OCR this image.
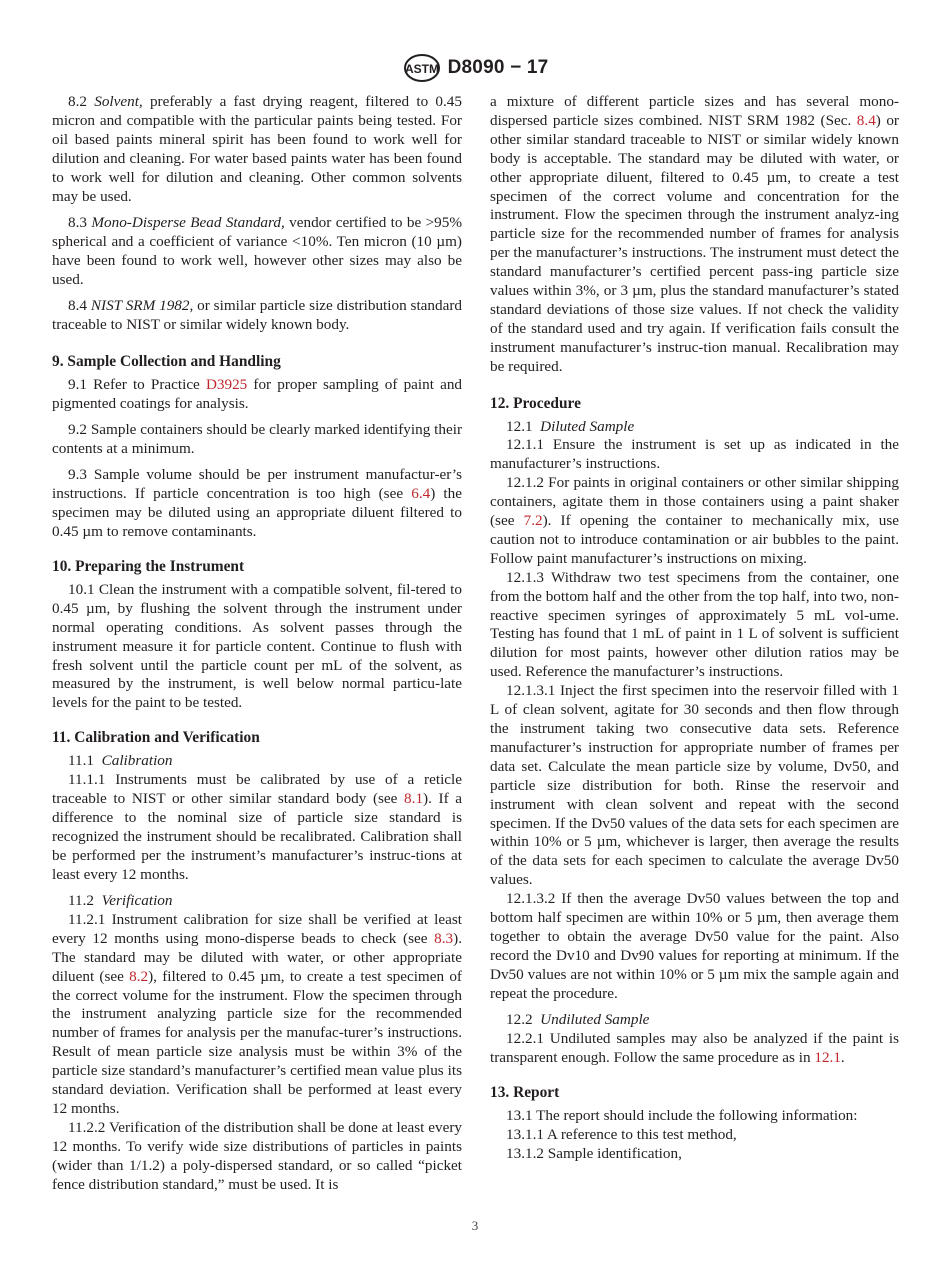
ASTM D8090 − 17

8.2 Solvent, preferably a fast drying reagent, filtered to 0.45 micron and compatible with the particular paints being tested. For oil based paints mineral spirit has been found to work well for dilution and cleaning. For water based paints water has been found to work well for dilution and cleaning. Other common solvents may be used.

8.3 Mono-Disperse Bead Standard, vendor certified to be >95% spherical and a coefficient of variance <10%. Ten micron (10 µm) have been found to work well, however other sizes may also be used.

8.4 NIST SRM 1982, or similar particle size distribution standard traceable to NIST or similar widely known body.

9. Sample Collection and Handling

9.1 Refer to Practice D3925 for proper sampling of paint and pigmented coatings for analysis.

9.2 Sample containers should be clearly marked identifying their contents at a minimum.

9.3 Sample volume should be per instrument manufactur-er’s instructions. If particle concentration is too high (see 6.4) the specimen may be diluted using an appropriate diluent filtered to 0.45 µm to remove contaminants.

10. Preparing the Instrument

10.1 Clean the instrument with a compatible solvent, fil-tered to 0.45 µm, by flushing the solvent through the instrument under normal operating conditions. As solvent passes through the instrument measure it for particle content. Continue to flush with fresh solvent until the particle count per mL of the solvent, as measured by the instrument, is well below normal particu-late levels for the paint to be tested.

11. Calibration and Verification

11.1  Calibration

11.1.1 Instruments must be calibrated by use of a reticle traceable to NIST or other similar standard body (see 8.1). If a difference to the nominal size of particle size standard is recognized the instrument should be recalibrated. Calibration shall be performed per the instrument’s manufacturer’s instruc-tions at least every 12 months.

11.2  Verification

11.2.1 Instrument calibration for size shall be verified at least every 12 months using mono-disperse beads to check (see 8.3). The standard may be diluted with water, or other appropriate diluent (see 8.2), filtered to 0.45 µm, to create a test specimen of the correct volume for the instrument. Flow the specimen through the instrument analyzing particle size for the recommended number of frames for analysis per the manufac-turer’s instructions. Result of mean particle size analysis must be within 3% of the particle size standard’s manufacturer’s certified mean value plus its standard deviation. Verification shall be performed at least every 12 months.

11.2.2 Verification of the distribution shall be done at least every 12 months. To verify wide size distributions of particles in paints (wider than 1/1.2) a poly-dispersed standard, or so called “picket fence distribution standard,” must be used. It is

a mixture of different particle sizes and has several mono-dispersed particle sizes combined. NIST SRM 1982 (Sec. 8.4) or other similar standard traceable to NIST or similar widely known body is acceptable. The standard may be diluted with water, or other appropriate diluent, filtered to 0.45 µm, to create a test specimen of the correct volume and concentration for the instrument. Flow the specimen through the instrument analyz-ing particle size for the recommended number of frames for analysis per the manufacturer’s instructions. The instrument must detect the standard manufacturer’s certified percent pass-ing particle size values within 3%, or 3 µm, plus the standard manufacturer’s stated standard deviations of those size values. If not check the validity of the standard used and try again. If verification fails consult the instrument manufacturer’s instruc-tion manual. Recalibration may be required.

12. Procedure

12.1  Diluted Sample

12.1.1 Ensure the instrument is set up as indicated in the manufacturer’s instructions.

12.1.2 For paints in original containers or other similar shipping containers, agitate them in those containers using a paint shaker (see 7.2). If opening the container to mechanically mix, use caution not to introduce contamination or air bubbles to the paint. Follow paint manufacturer’s instructions on mixing.

12.1.3 Withdraw two test specimens from the container, one from the bottom half and the other from the top half, into two, non-reactive specimen syringes of approximately 5 mL vol-ume. Testing has found that 1 mL of paint in 1 L of solvent is sufficient dilution for most paints, however other dilution ratios may be used. Reference the manufacturer’s instructions.

12.1.3.1 Inject the first specimen into the reservoir filled with 1 L of clean solvent, agitate for 30 seconds and then flow through the instrument taking two consecutive data sets. Reference manufacturer’s instruction for appropriate number of frames per data set. Calculate the mean particle size by volume, Dv50, and particle size distribution for both. Rinse the reservoir and instrument with clean solvent and repeat with the second specimen. If the Dv50 values of the data sets for each specimen are within 10% or 5 µm, whichever is larger, then average the results of the data sets for each specimen to calculate the average Dv50 values.

12.1.3.2 If then the average Dv50 values between the top and bottom half specimen are within 10% or 5 µm, then average them together to obtain the average Dv50 value for the paint. Also record the Dv10 and Dv90 values for reporting at minimum. If the Dv50 values are not within 10% or 5 µm mix the sample again and repeat the procedure.

12.2  Undiluted Sample

12.2.1 Undiluted samples may also be analyzed if the paint is transparent enough. Follow the same procedure as in 12.1.

13. Report

13.1 The report should include the following information:

13.1.1 A reference to this test method,

13.1.2 Sample identification,

3
